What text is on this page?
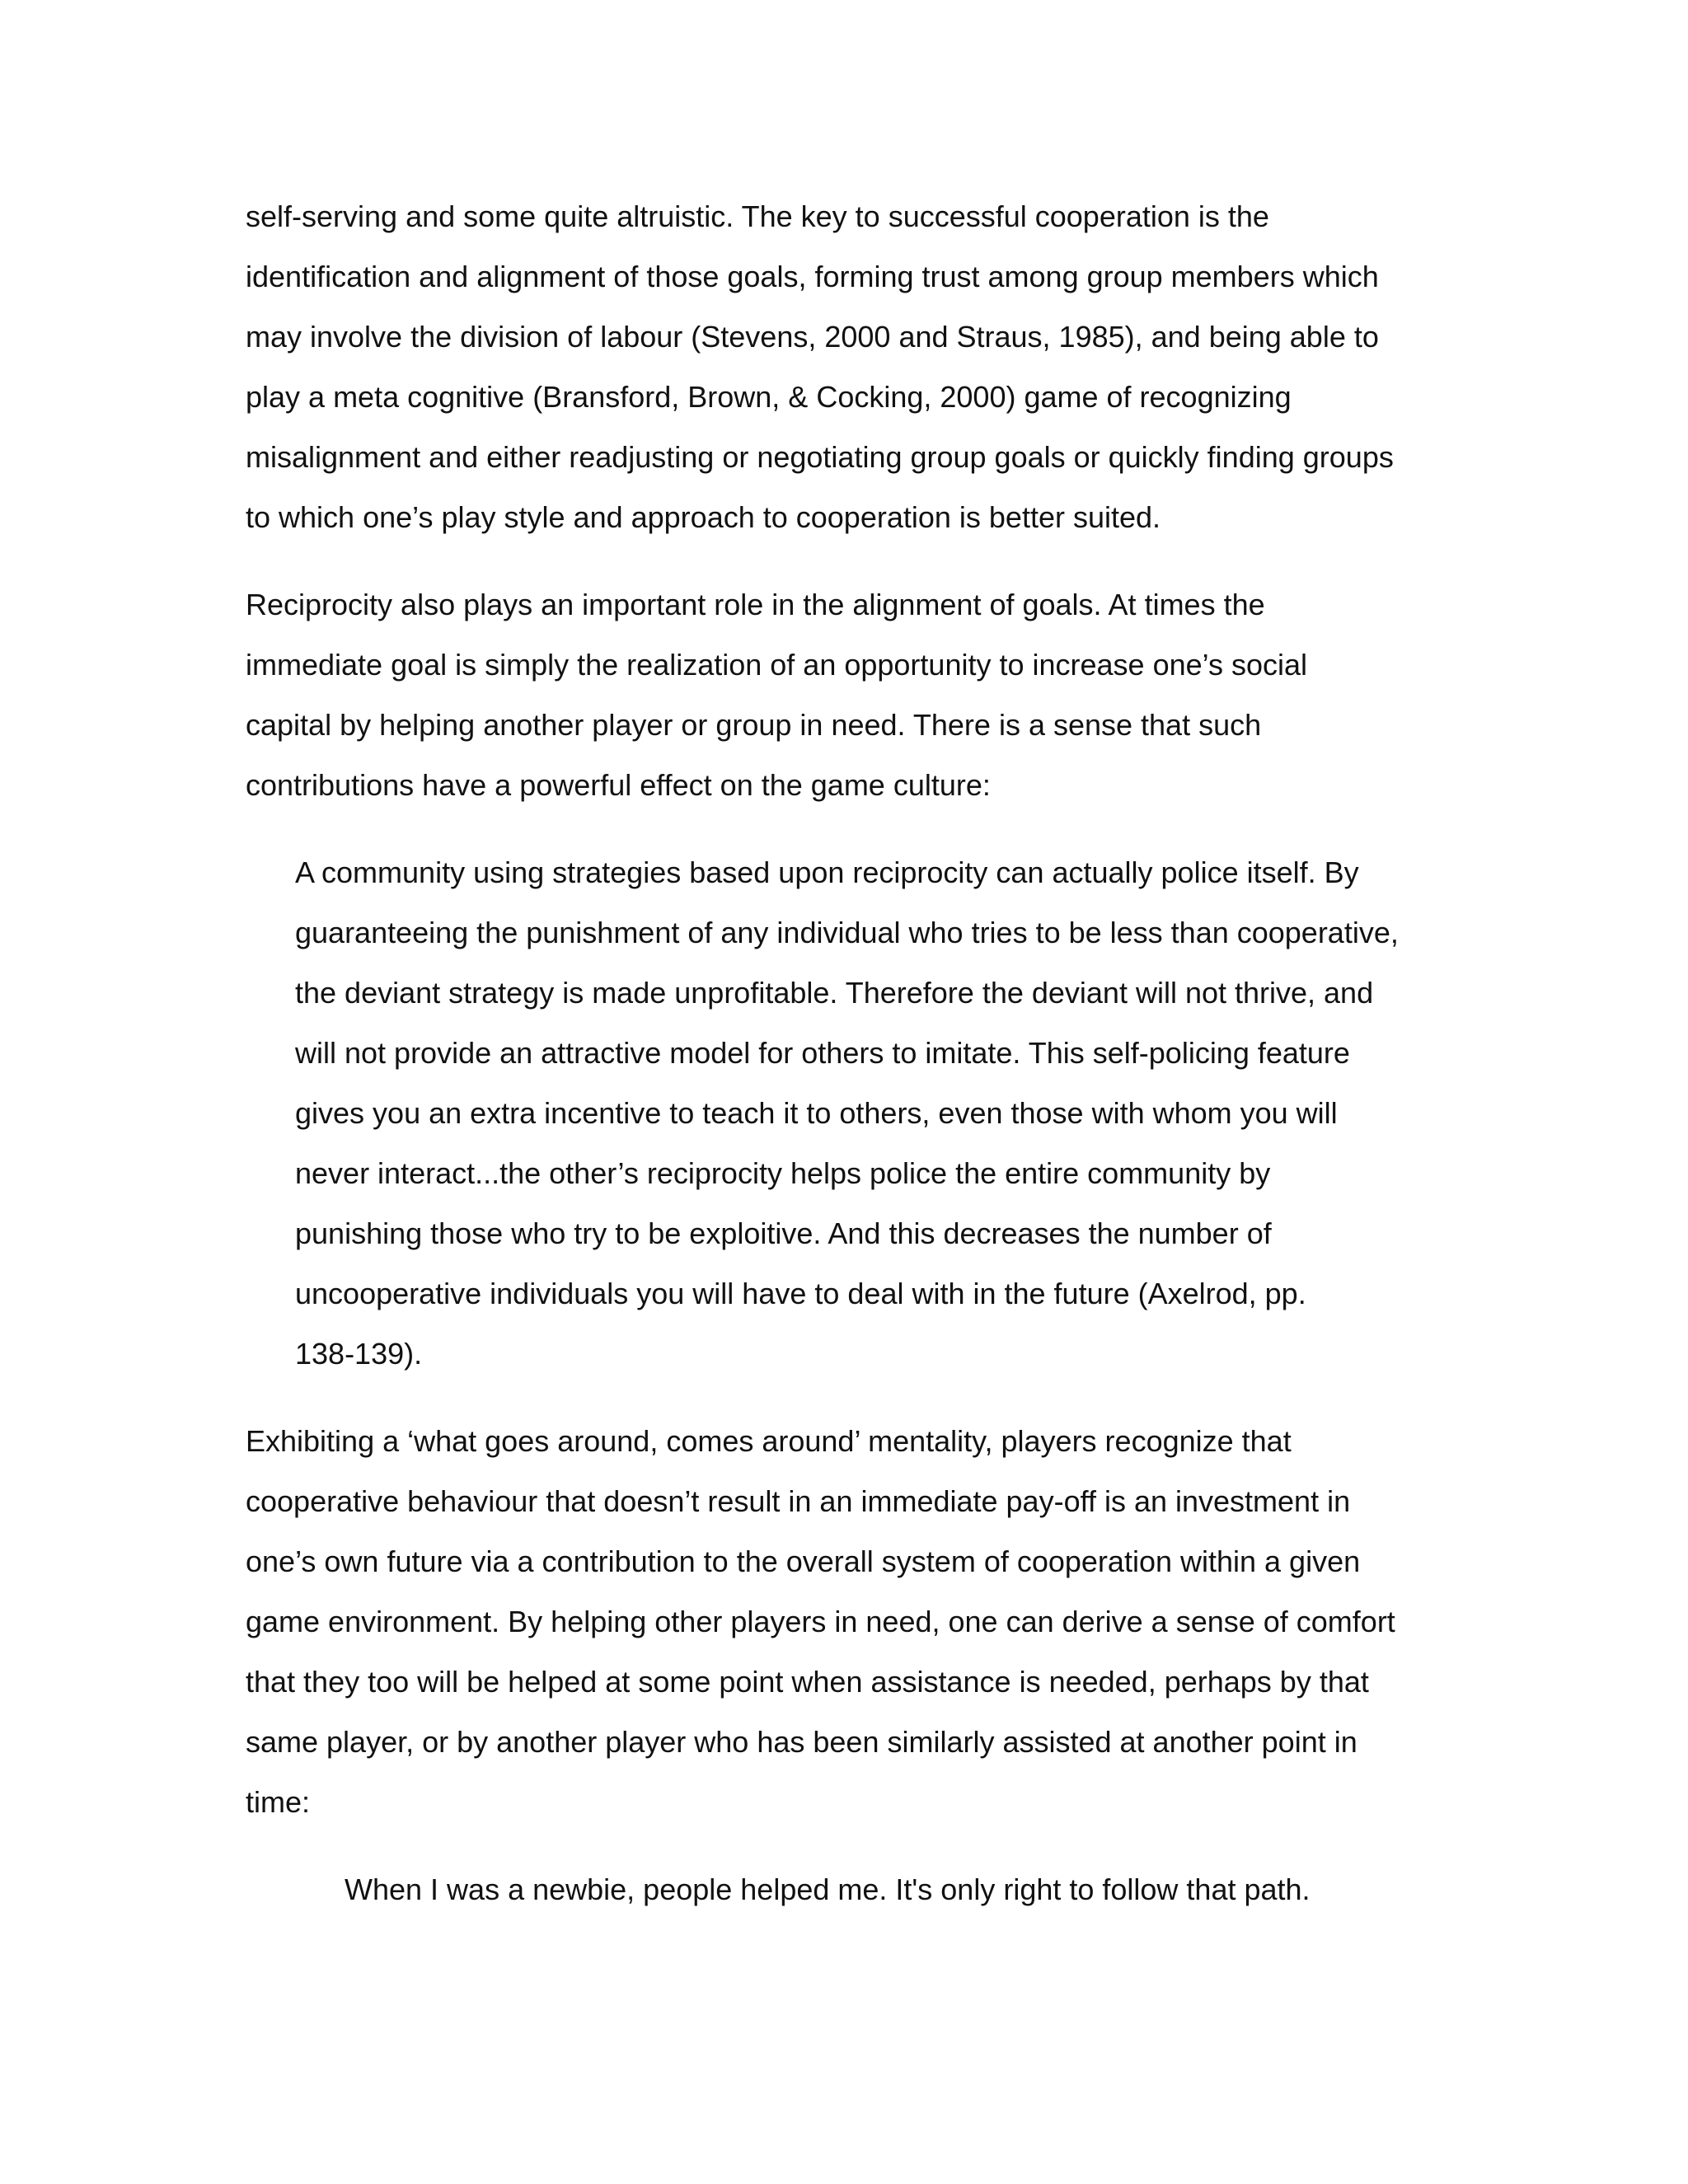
self-serving and some quite altruistic. The key to successful cooperation is the

identification and alignment of those goals, forming trust among group members which

may involve the division of labour (Stevens, 2000 and Straus, 1985), and being able to

play a meta cognitive (Bransford, Brown, & Cocking, 2000) game of recognizing

misalignment and either readjusting or negotiating group goals or quickly finding groups

to which one’s play style and approach to cooperation is better suited.

Reciprocity also plays an important role in the alignment of goals. At times the

immediate goal is simply the realization of an opportunity to increase one’s social

capital by helping another player or group in need. There is a sense that such

contributions have a powerful effect on the game culture:

A community using strategies based upon reciprocity can actually police itself. By

guaranteeing the punishment of any individual who tries to be less than cooperative,

the deviant strategy is made unprofitable. Therefore the deviant will not thrive, and

will not provide an attractive model for others to imitate. This self-policing feature

gives you an extra incentive to teach it to others, even those with whom you will

never interact...the other’s reciprocity helps police the entire community by

punishing those who try to be exploitive. And this decreases the number of

uncooperative individuals you will have to deal with in the future (Axelrod, pp.

138-139).

Exhibiting a ‘what goes around, comes around’ mentality, players recognize that

cooperative behaviour that doesn’t result in an immediate pay-off is an investment in

one’s own future via a contribution to the overall system of cooperation within a given

game environment. By helping other players in need, one can derive a sense of comfort

that they too will be helped at some point when assistance is needed, perhaps by that

same player, or by another player who has been similarly assisted at another point in

time:

When I was a newbie, people helped me. It's only right to follow that path.
